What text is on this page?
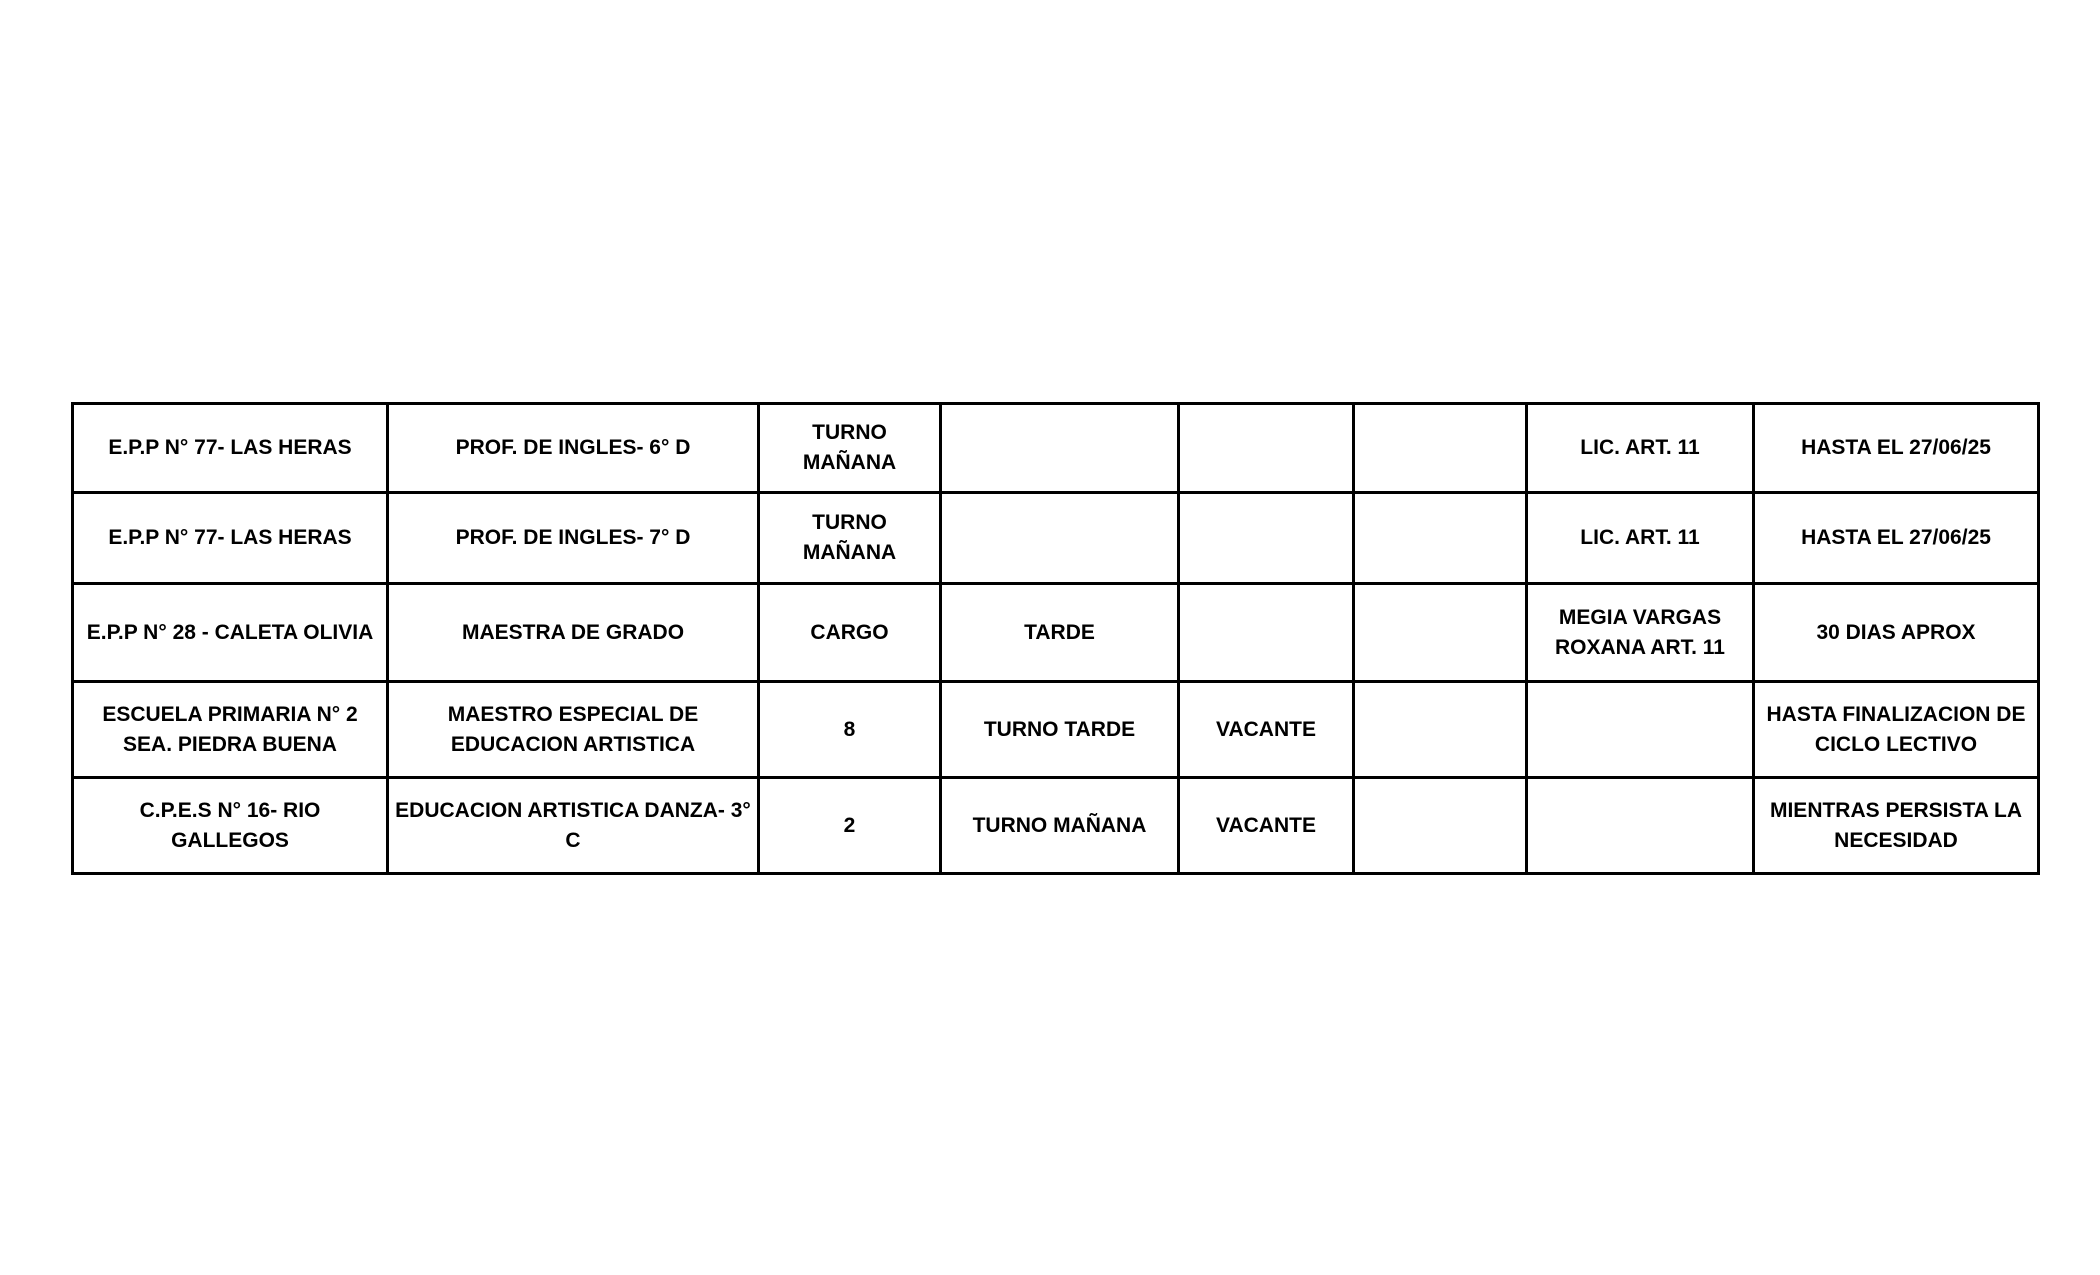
E.P.P N° 77- LAS HERAS	PROF. DE INGLES- 6° D	TURNO MAÑANA				LIC. ART. 11	HASTA EL 27/06/25
E.P.P N° 77- LAS HERAS	PROF. DE INGLES- 7° D	TURNO MAÑANA				LIC. ART. 11	HASTA EL 27/06/25
E.P.P N° 28 - CALETA OLIVIA	MAESTRA DE GRADO	CARGO	TARDE			MEGIA VARGAS ROXANA ART. 11	30 DIAS APROX
ESCUELA PRIMARIA N° 2 SEA. PIEDRA BUENA	MAESTRO ESPECIAL DE EDUCACION ARTISTICA	8	TURNO TARDE	VACANTE			HASTA FINALIZACION DE CICLO LECTIVO
C.P.E.S N° 16- RIO GALLEGOS	EDUCACION ARTISTICA DANZA- 3° C	2	TURNO MAÑANA	VACANTE			MIENTRAS PERSISTA LA NECESIDAD
